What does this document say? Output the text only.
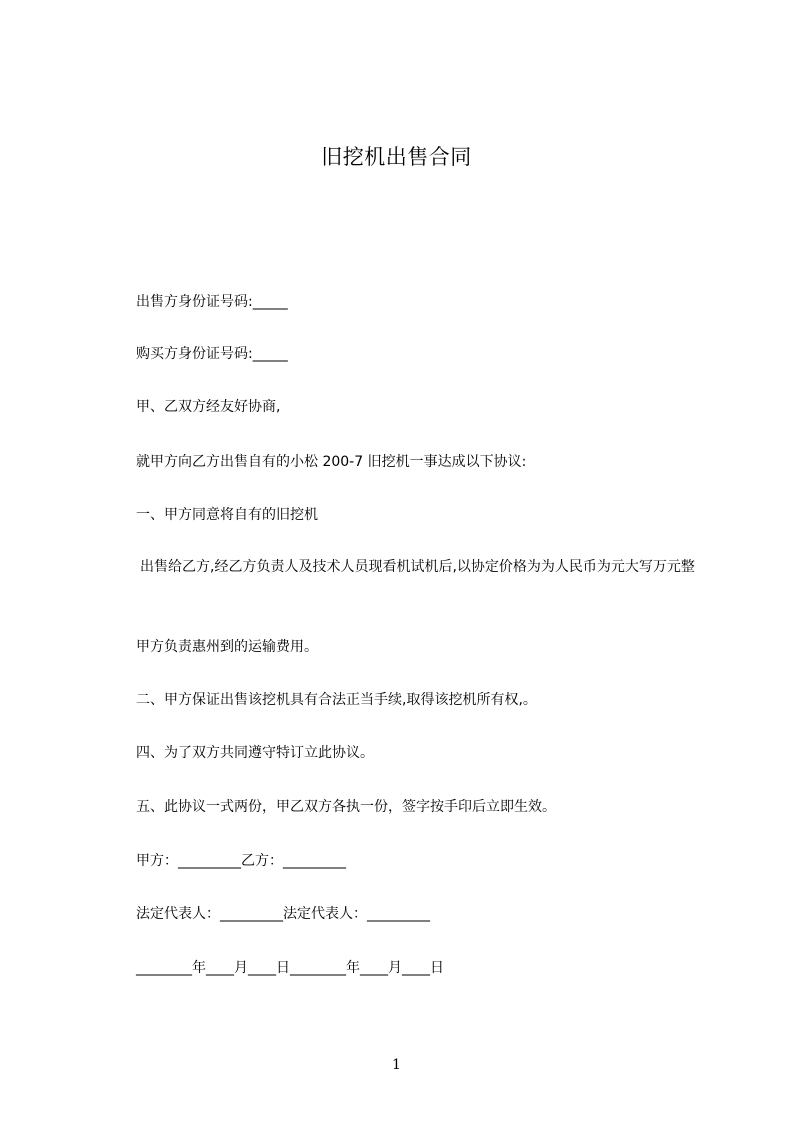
旧挖机出售合同
出售方身份证号码:_____
购买方身份证号码:_____
甲、乙双方经友好协商,
就甲方向乙方出售自有的小松 200-7 旧挖机一事达成以下协议:
一、甲方同意将自有的旧挖机
出售给乙方,经乙方负责人及技术人员现看机试机后,以协定价格为为人民币为元大写万元整
甲方负责惠州到的运输费用。
二、甲方保证出售该挖机具有合法正当手续,取得该挖机所有权,。
四、为了双方共同遵守特订立此协议。
五、此协议一式两份，甲乙双方各执一份，签字按手印后立即生效。
甲方：_________乙方：_________
法定代表人：_________法定代表人：_________
________年____月____日________年____月____日
1
